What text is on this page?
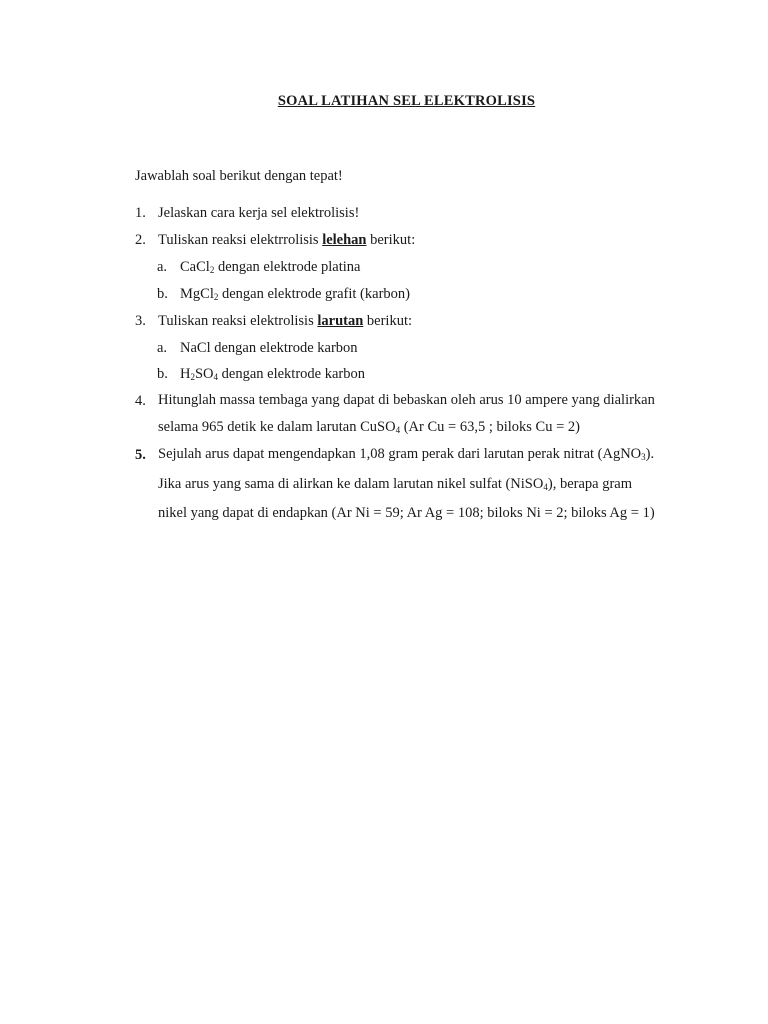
SOAL LATIHAN SEL ELEKTROLISIS
Jawablah soal berikut dengan tepat!
1. Jelaskan cara kerja sel elektrolisis!
2. Tuliskan reaksi elektrrolisis lelehan berikut:
a. CaCl$_2$ dengan elektrode platina
b. MgCl$_2$ dengan elektrode grafit (karbon)
3. Tuliskan reaksi elektrolisis larutan berikut:
a. NaCl dengan elektrode karbon
b. $H_2SO_4$ dengan elektrode karbon
4. Hitunglah massa tembaga yang dapat di bebaskan oleh arus 10 ampere yang dialirkan
selama 965 detik ke dalam larutan CuSO$_4$ (Ar Cu = 63,5 ; biloks Cu = 2)
5. Sejulah arus dapat mengendapkan 1,08 gram perak dari larutan perak nitrat (AgNO$_3$).
Jika arus yang sama di alirkan ke dalam larutan nikel sulfat (NiSO$_4$), berapa gram
nikel yang dapat di endapkan (Ar Ni = 59; Ar Ag = 108; biloks Ni = 2; biloks Ag = 1)
